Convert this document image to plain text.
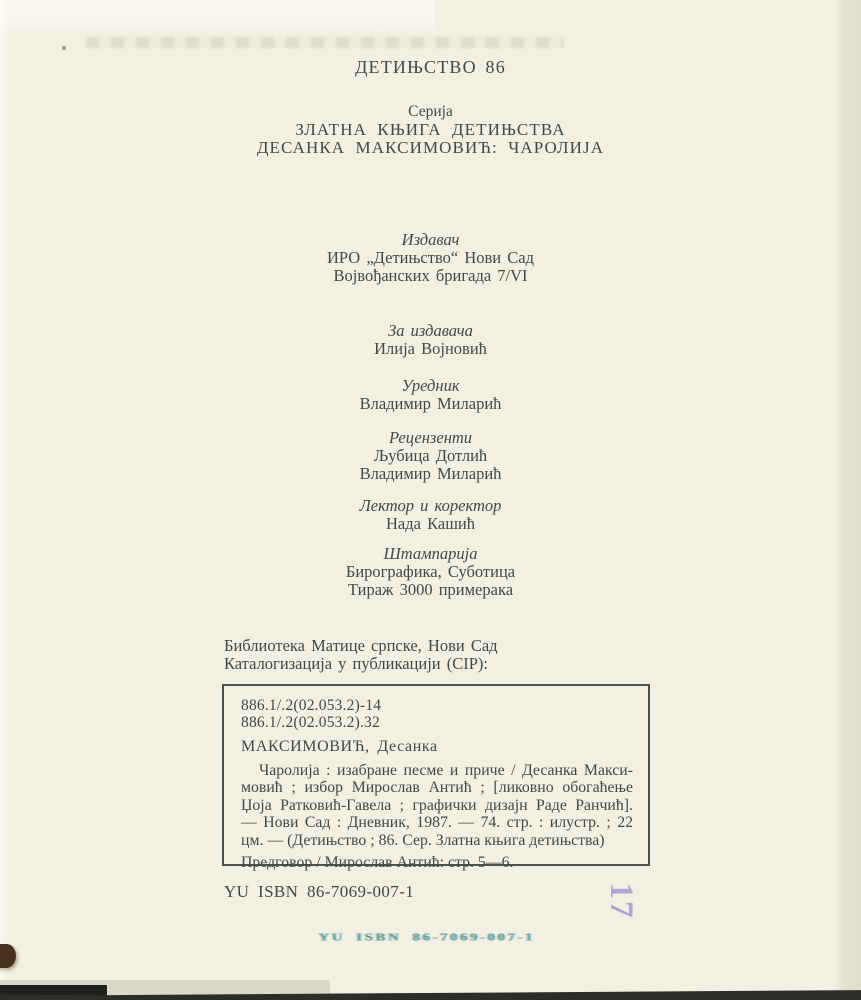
ДЕТИЊСТВО 86
Серија
ЗЛАТНА КЊИГА ДЕТИЊСТВА
ДЕСАНКА МАКСИМОВИЋ: ЧАРОЛИЈА
Издавач
ИРО „Детињство“ Нови Сад
Војвођанских бригада 7/VI
За издавача
Илија Војновић
Уредник
Владимир Миларић
Рецензенти
Љубица Дотлић
Владимир Миларић
Лектор и коректор
Нада Кашић
Штампарија
Бирографика, Суботица
Тираж 3000 примерака
Библиотека Матице српске, Нови Сад
Каталогизација у публикацији (CIP):
886.1/.2(02.053.2)-14
886.1/.2(02.053.2).32
МАКСИМОВИЋ, Десанка
Чаролија : изабране песме и приче / Десанка Макси-
мовић ; избор Мирослав Антић ; [ликовно обогаћење
Џоја Ратковић-Гавела ; графички дизајн Раде Ранчић].
— Нови Сад : Дневник, 1987. — 74. стр. : илустр. ; 22
цм. — (Детињство ; 86. Сер. Златна књига детињства)
Предговор / Мирослав Антић: стр. 5—6.
YU ISBN 86-7069-007-1	17
YU ISBN 86-7069-007-1
